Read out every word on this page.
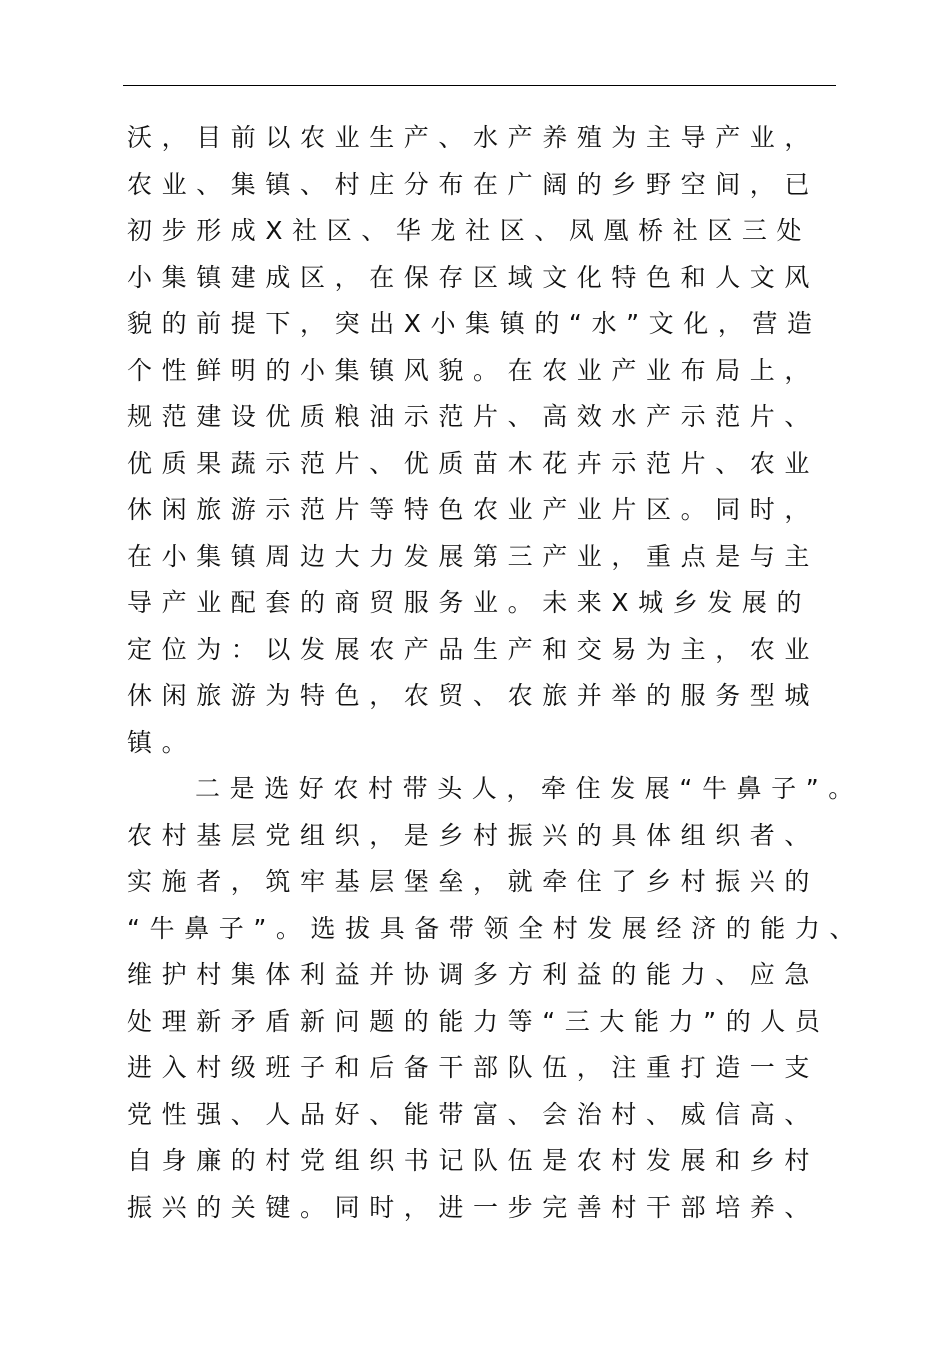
沃，目前以农业生产、水产养殖为主导产业，
农业、集镇、村庄分布在广阔的乡野空间，已
初步形成X社区、华龙社区、凤凰桥社区三处
小集镇建成区，在保存区域文化特色和人文风
貌的前提下，突出X小集镇的“水”文化，营造
个性鲜明的小集镇风貌。在农业产业布局上，
规范建设优质粮油示范片、高效水产示范片、
优质果蔬示范片、优质苗木花卉示范片、农业
休闲旅游示范片等特色农业产业片区。同时，
在小集镇周边大力发展第三产业，重点是与主
导产业配套的商贸服务业。未来X城乡发展的
定位为：以发展农产品生产和交易为主，农业
休闲旅游为特色，农贸、农旅并举的服务型城
镇。
二是选好农村带头人，牵住发展“牛鼻子”。
农村基层党组织，是乡村振兴的具体组织者、
实施者，筑牢基层堡垒，就牵住了乡村振兴的
“牛鼻子”。选拔具备带领全村发展经济的能力、
维护村集体利益并协调多方利益的能力、应急
处理新矛盾新问题的能力等“三大能力”的人员
进入村级班子和后备干部队伍，注重打造一支
党性强、人品好、能带富、会治村、威信高、
自身廉的村党组织书记队伍是农村发展和乡村
振兴的关键。同时，进一步完善村干部培养、
